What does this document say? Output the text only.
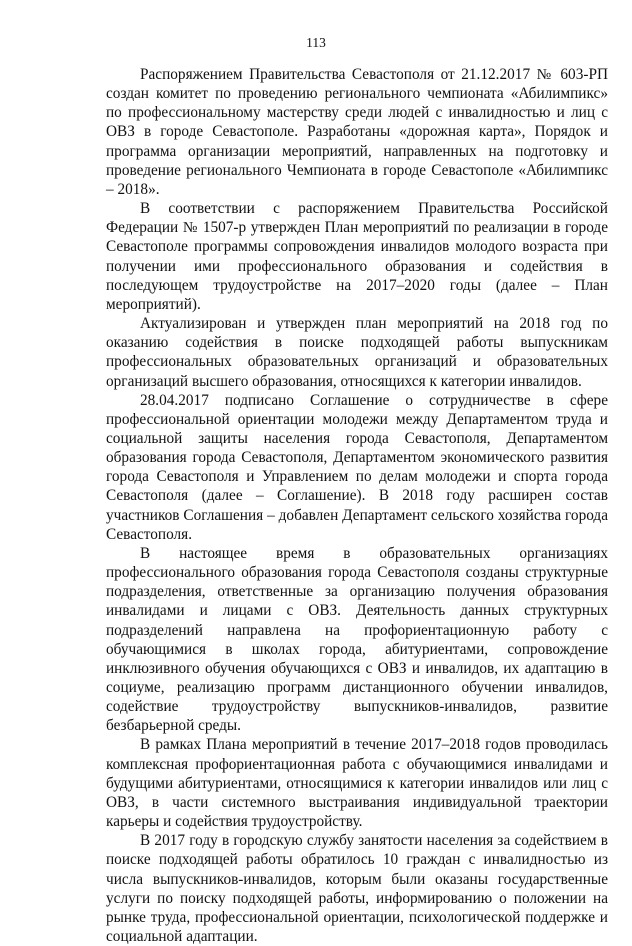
113

Распоряжением Правительства Севастополя от 21.12.2017 № 603-РП создан комитет по проведению регионального чемпионата «Абилимпикс» по профессиональному мастерству среди людей с инвалидностью и лиц с ОВЗ в городе Севастополе. Разработаны «дорожная карта», Порядок и программа организации мероприятий, направленных на подготовку и проведение регионального Чемпионата в городе Севастополе «Абилимпикс – 2018».

В соответствии с распоряжением Правительства Российской Федерации № 1507-р утвержден План мероприятий по реализации в городе Севастополе программы сопровождения инвалидов молодого возраста при получении ими профессионального образования и содействия в последующем трудоустройстве на 2017–2020 годы (далее – План мероприятий).

Актуализирован и утвержден план мероприятий на 2018 год по оказанию содействия в поиске подходящей работы выпускникам профессиональных образовательных организаций и образовательных организаций высшего образования, относящихся к категории инвалидов.

28.04.2017 подписано Соглашение о сотрудничестве в сфере профессиональной ориентации молодежи между Департаментом труда и социальной защиты населения города Севастополя, Департаментом образования города Севастополя, Департаментом экономического развития города Севастополя и Управлением по делам молодежи и спорта города Севастополя (далее – Соглашение). В 2018 году расширен состав участников Соглашения – добавлен Департамент сельского хозяйства города Севастополя.

В настоящее время в образовательных организациях профессионального образования города Севастополя созданы структурные подразделения, ответственные за организацию получения образования инвалидами и лицами с ОВЗ. Деятельность данных структурных подразделений направлена на профориентационную работу с обучающимися в школах города, абитуриентами, сопровождение инклюзивного обучения обучающихся с ОВЗ и инвалидов, их адаптацию в социуме, реализацию программ дистанционного обучении инвалидов, содействие трудоустройству выпускников-инвалидов, развитие безбарьерной среды.

В рамках Плана мероприятий в течение 2017–2018 годов проводилась комплексная профориентационная работа с обучающимися инвалидами и будущими абитуриентами, относящимися к категории инвалидов или лиц с ОВЗ, в части системного выстраивания индивидуальной траектории карьеры и содействия трудоустройству.

В 2017 году в городскую службу занятости населения за содействием в поиске подходящей работы обратилось 10 граждан с инвалидностью из числа выпускников-инвалидов, которым были оказаны государственные услуги по поиску подходящей работы, информированию о положении на рынке труда, профессиональной ориентации, психологической поддержке и социальной адаптации.
